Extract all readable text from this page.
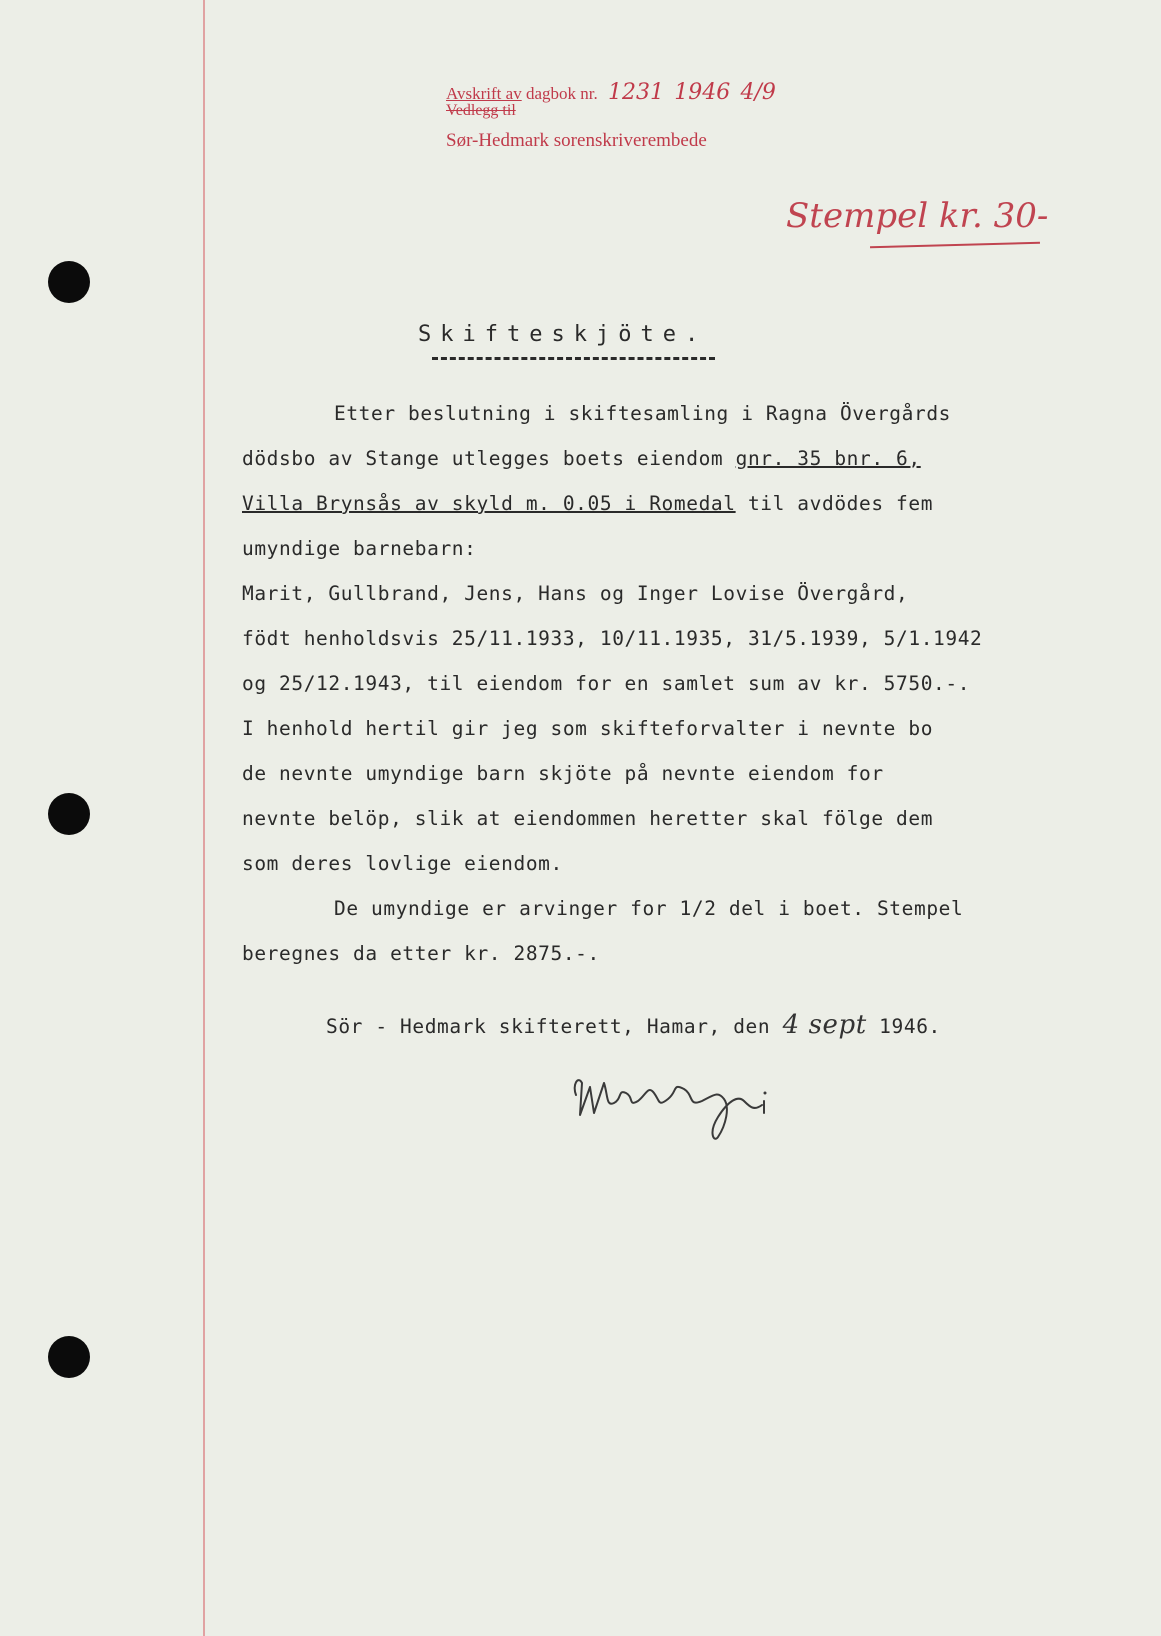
Avskrift av dagbok nr. 1231 1946 4/9
Vedlegg til
Sør-Hedmark sorenskriverembede
Stempel kr. 30-
Skifteskjöte.
Etter beslutning i skiftesamling i Ragna Övergårds
dödsbo av Stange utlegges boets eiendom gnr. 35 bnr. 6,
Villa Brynsås av skyld m. 0.05 i Romedal til avdödes fem
umyndige barnebarn:
Marit, Gullbrand, Jens, Hans og Inger Lovise Övergård,
födt henholdsvis 25/11.1933, 10/11.1935, 31/5.1939, 5/1.1942
og 25/12.1943, til eiendom for en samlet sum av kr. 5750.-.
I henhold hertil gir jeg som skifteforvalter i nevnte bo
de nevnte umyndige barn skjöte på nevnte eiendom for
nevnte belöp, slik at eiendommen heretter skal fölge dem
som deres lovlige eiendom.
De umyndige er arvinger for 1/2 del i boet. Stempel
beregnes da etter kr. 2875.-.
Sör - Hedmark skifterett, Hamar, den 4 sept 1946.
